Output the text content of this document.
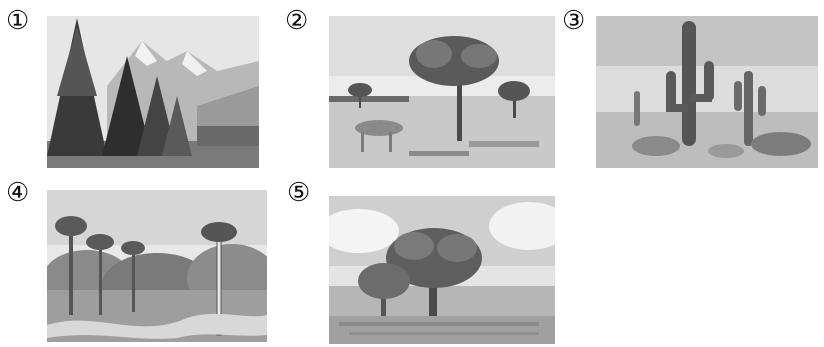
①	②	③
④	⑤
